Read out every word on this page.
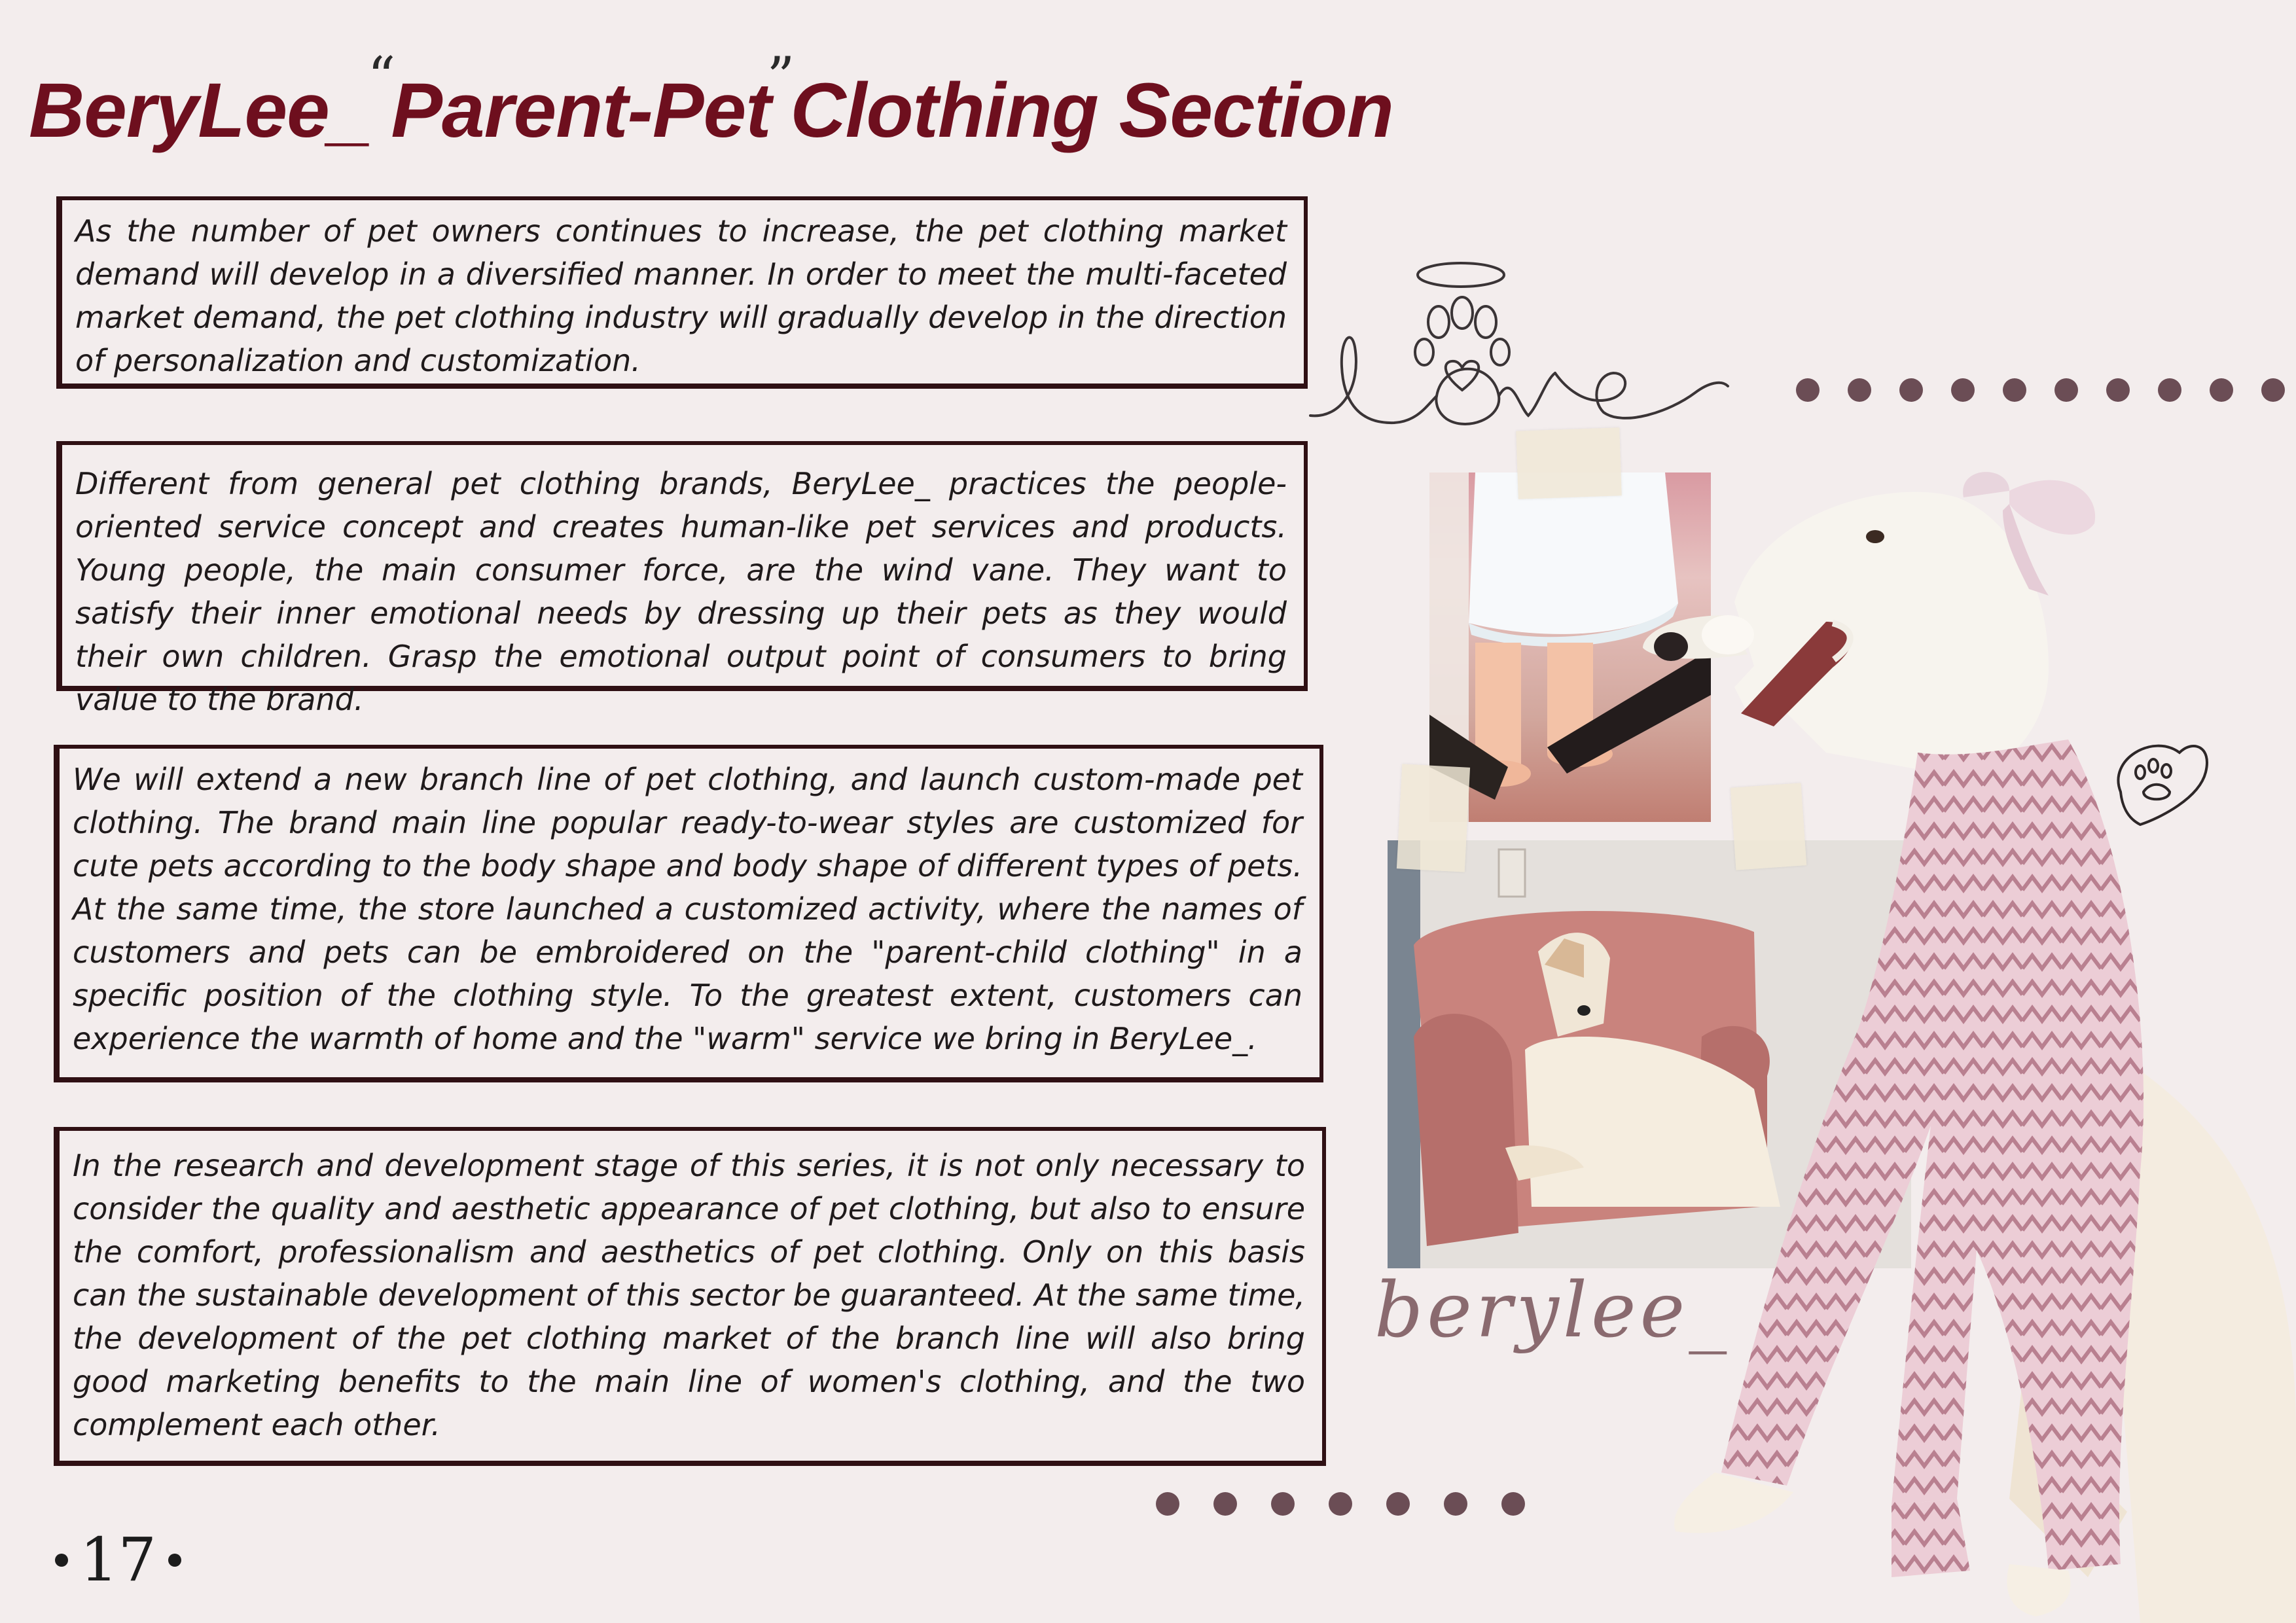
BeryLee_“Parent-Pet”Clothing Section

As the number of pet owners continues to increase, the pet clothing market demand will develop in a diversified manner. In order to meet the multi-faceted market demand, the pet clothing industry will gradually develop in the direction of personalization and customization.

Different from general pet clothing brands, BeryLee_ practices the people-oriented service concept and creates human-like pet services and products. Young people, the main consumer force, are the wind vane. They want to satisfy their inner emotional needs by dressing up their pets as they would their own children. Grasp the emotional output point of consumers to bring value to the brand.

We will extend a new branch line of pet clothing, and launch custom-made pet clothing. The brand main line popular ready-to-wear styles are customized for cute pets according to the body shape and body shape of different types of pets. At the same time, the store launched a customized activity, where the names of customers and pets can be embroidered on the "parent-child clothing" in a specific position of the clothing style. To the greatest extent, customers can experience the warmth of home and the "warm" service we bring in BeryLee_.

In the research and development stage of this series, it is not only necessary to consider the quality and aesthetic appearance of pet clothing, but also to ensure the comfort, professionalism and aesthetics of pet clothing. Only on this basis can the sustainable development of this sector be guaranteed. At the same time, the development of the pet clothing market of the branch line will also bring good marketing benefits to the main line of women's clothing, and the two complement each other.

17
berylee_
